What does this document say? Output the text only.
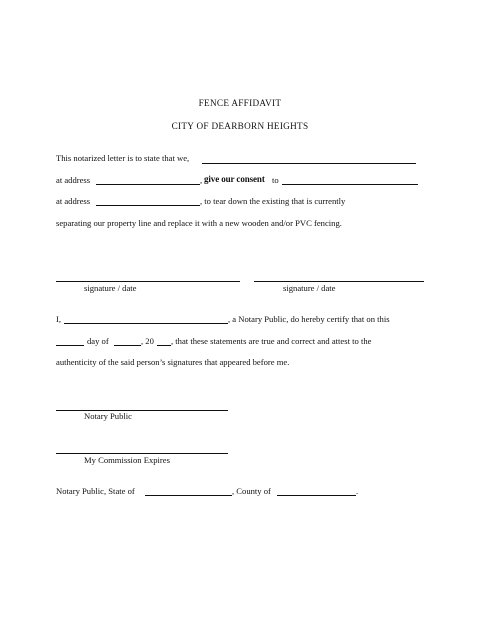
FENCE AFFIDAVIT
CITY OF DEARBORN HEIGHTS
This notarized letter is to state that we,
at address	, give our consent to
at address	, to tear down the existing that is currently
separating our property line and replace it with a new wooden and/or PVC fencing.
signature / date	signature / date
I,	, a Notary Public, do hereby certify that on this
day of	, 20 , that these statements are true and correct and attest to the
authenticity of the said person’s signatures that appeared before me.
Notary Public
My Commission Expires
Notary Public, State of	, County of	.
